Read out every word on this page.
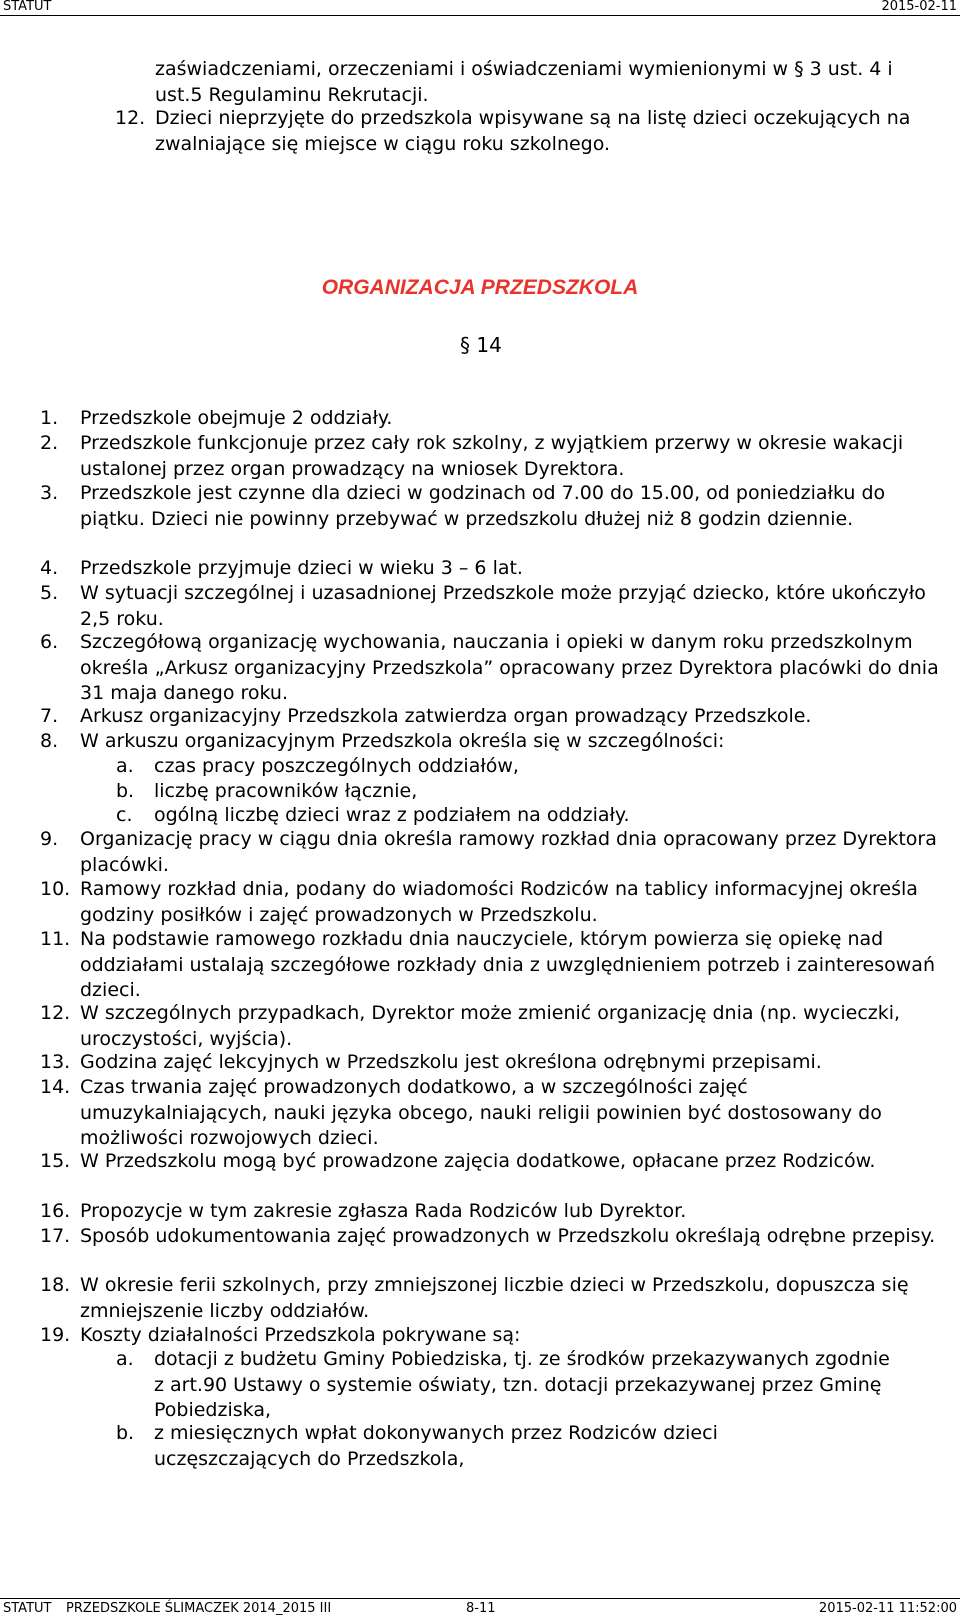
STATUT	2015-02-11
zaświadczeniami, orzeczeniami i oświadczeniami wymienionymi w § 3 ust. 4 i ust.5 Regulaminu Rekrutacji.
12. Dzieci nieprzyjęte do przedszkola wpisywane są na listę dzieci oczekujących na zwalniające się miejsce w ciągu roku szkolnego.
ORGANIZACJA PRZEDSZKOLA
§ 14
1.	Przedszkole obejmuje 2 oddziały.
2.	Przedszkole funkcjonuje przez cały rok szkolny, z wyjątkiem przerwy w okresie wakacji ustalonej przez organ prowadzący na wniosek Dyrektora.
3.	Przedszkole jest czynne dla dzieci w godzinach od 7.00 do 15.00, od poniedziałku do piątku. Dzieci nie powinny przebywać w przedszkolu dłużej niż 8 godzin dziennie.
4.	Przedszkole przyjmuje dzieci w wieku 3 – 6 lat.
5.	W sytuacji szczególnej i uzasadnionej Przedszkole może przyjąć dziecko, które ukończyło 2,5 roku.
6.	Szczegółową organizację wychowania, nauczania i opieki w danym roku przedszkolnym określa „Arkusz organizacyjny Przedszkola” opracowany przez Dyrektora placówki do dnia 31 maja danego roku.
7.	Arkusz organizacyjny Przedszkola zatwierdza organ prowadzący Przedszkole.
8.	W arkuszu organizacyjnym Przedszkola określa się w szczególności:
a.	czas pracy poszczególnych oddziałów,
b.	liczbę pracowników łącznie,
c.	ogólną liczbę dzieci wraz z podziałem na oddziały.
9.	Organizację pracy w ciągu dnia określa ramowy rozkład dnia opracowany przez Dyrektora placówki.
10. Ramowy rozkład dnia, podany do wiadomości Rodziców na tablicy informacyjnej określa godziny posiłków i zajęć prowadzonych w Przedszkolu.
11. Na podstawie ramowego rozkładu dnia nauczyciele, którym powierza się opiekę nad oddziałami ustalają szczegółowe rozkłady dnia z uwzględnieniem potrzeb i zainteresowań dzieci.
12. W szczególnych przypadkach, Dyrektor może zmienić organizację dnia (np. wycieczki, uroczystości, wyjścia).
13. Godzina zajęć lekcyjnych w Przedszkolu jest określona odrębnymi przepisami.
14. Czas trwania zajęć prowadzonych dodatkowo, a w szczególności zajęć umuzykalniających, nauki języka obcego, nauki religii powinien być dostosowany do możliwości rozwojowych dzieci.
15. W Przedszkolu mogą być prowadzone zajęcia dodatkowe, opłacane przez Rodziców.
16. Propozycje w tym zakresie zgłasza Rada Rodziców lub Dyrektor.
17. Sposób udokumentowania zajęć prowadzonych w Przedszkolu określają odrębne przepisy.
18. W okresie ferii szkolnych, przy zmniejszonej liczbie dzieci w Przedszkolu, dopuszcza się zmniejszenie liczby oddziałów.
19. Koszty działalności Przedszkola pokrywane są:
a.	dotacji z budżetu Gminy Pobiedziska, tj. ze środków przekazywanych zgodnie z art.90 Ustawy o systemie oświaty, tzn. dotacji przekazywanej przez Gminę Pobiedziska,
b.	z miesięcznych wpłat dokonywanych przez Rodziców dzieci uczęszczających do Przedszkola,
STATUT PRZEDSZKOLE ŚLIMACZEK 2014_2015 III	8-11	2015-02-11 11:52:00
